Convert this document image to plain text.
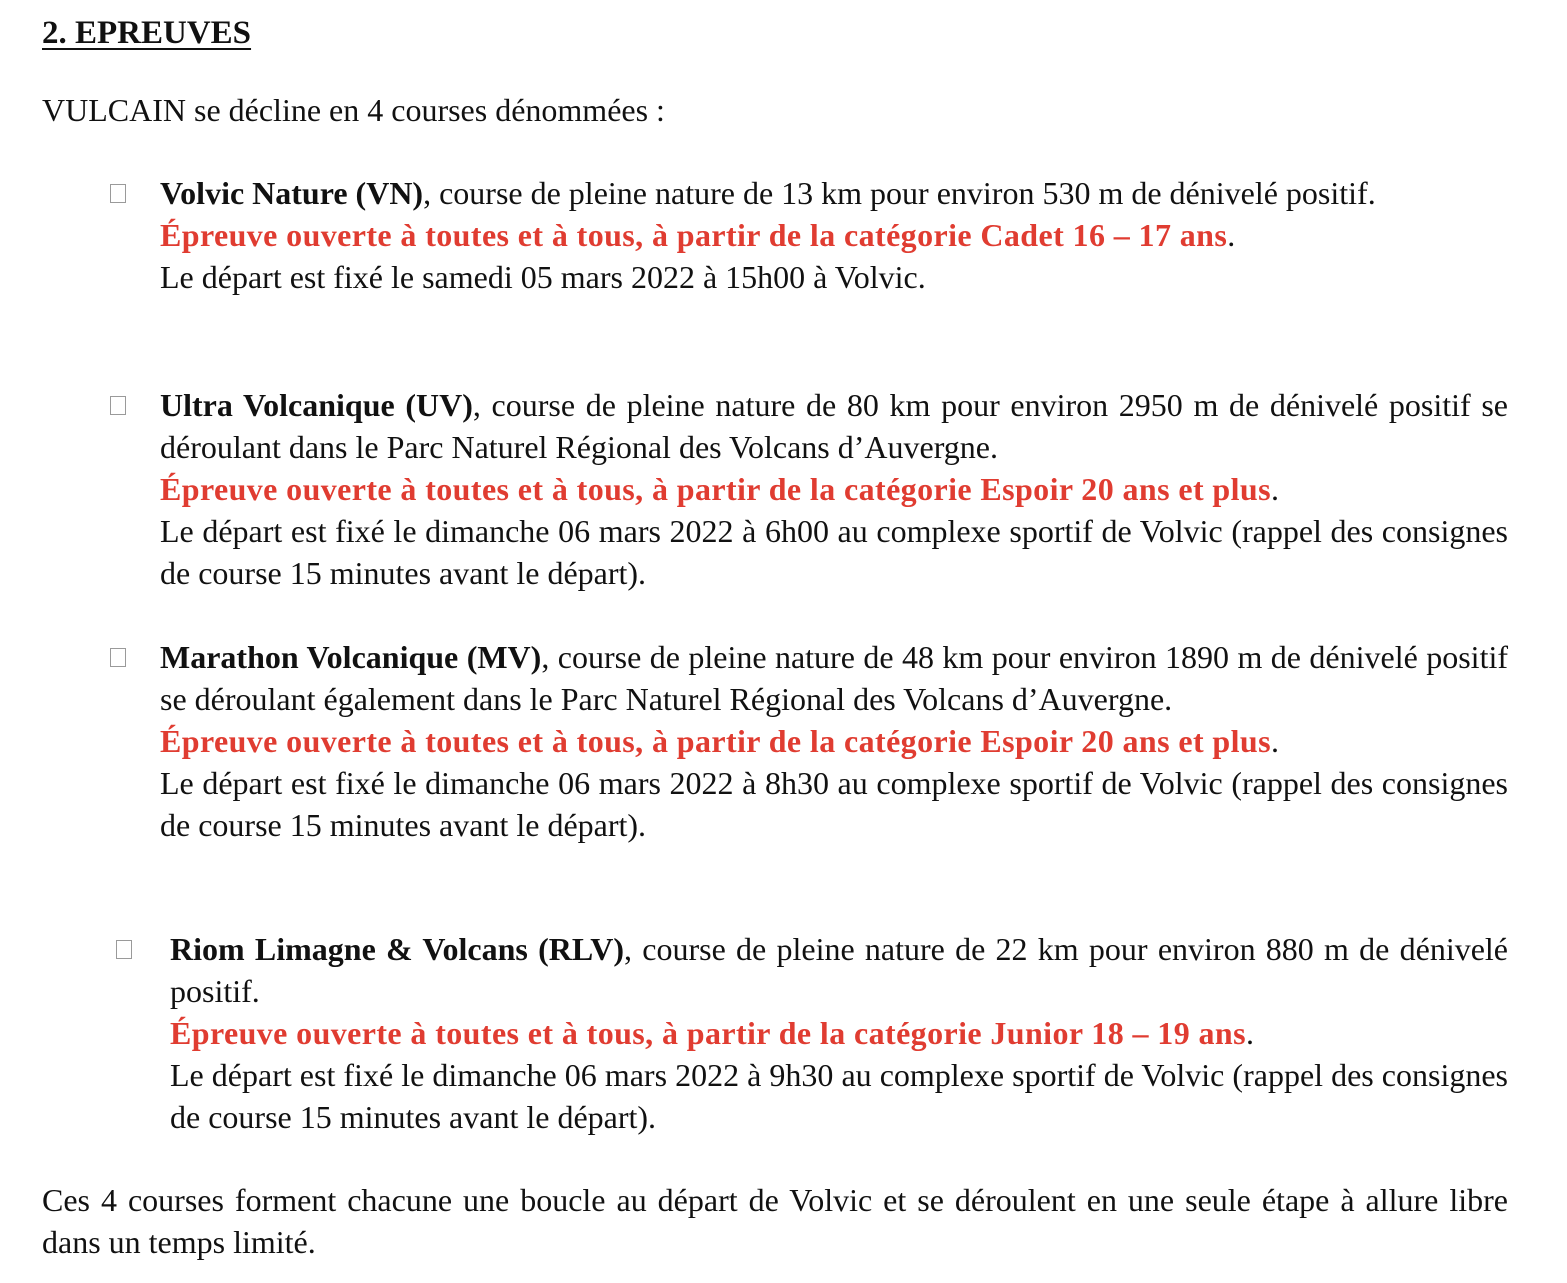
2. EPREUVES

VULCAIN se décline en 4 courses dénommées :

Volvic Nature (VN), course de pleine nature de 13 km pour environ 530 m de dénivelé positif.

Épreuve ouverte à toutes et à tous, à partir de la catégorie Cadet 16 – 17 ans.

Le départ est fixé le samedi 05 mars 2022 à 15h00 à Volvic.

Ultra Volcanique (UV), course de pleine nature de 80 km pour environ 2950 m de dénivelé positif se déroulant dans le Parc Naturel Régional des Volcans d’Auvergne.

Épreuve ouverte à toutes et à tous, à partir de la catégorie Espoir 20 ans et plus.

Le départ est fixé le dimanche 06 mars 2022 à 6h00 au complexe sportif de Volvic (rappel des consignes de course 15 minutes avant le départ).

Marathon Volcanique (MV), course de pleine nature de 48 km pour environ 1890 m de dénivelé positif se déroulant également dans le Parc Naturel Régional des Volcans d’Auvergne.

Épreuve ouverte à toutes et à tous, à partir de la catégorie Espoir 20 ans et plus.

Le départ est fixé le dimanche 06 mars 2022 à 8h30 au complexe sportif de Volvic (rappel des consignes de course 15 minutes avant le départ).

Riom Limagne & Volcans (RLV), course de pleine nature de 22 km pour environ 880 m de dénivelé positif.

Épreuve ouverte à toutes et à tous, à partir de la catégorie Junior 18 – 19 ans.

Le départ est fixé le dimanche 06 mars 2022 à 9h30 au complexe sportif de Volvic (rappel des consignes de course 15 minutes avant le départ).

Ces 4 courses forment chacune une boucle au départ de Volvic et se déroulent en une seule étape à allure libre dans un temps limité.
